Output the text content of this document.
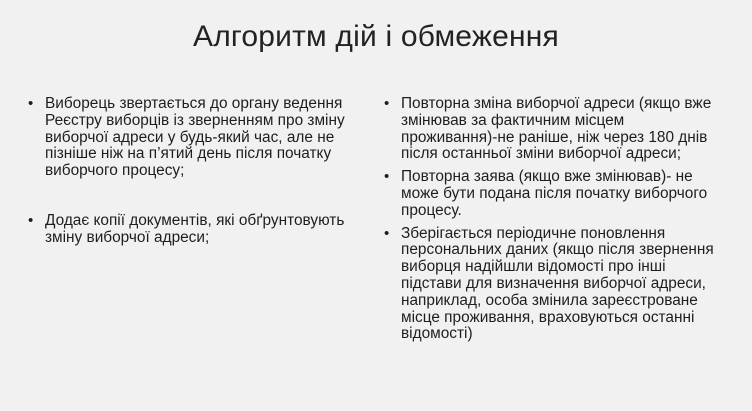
Алгоритм дій і обмеження
• Виборець звертається до органу ведення Реєстру виборців із зверненням про зміну виборчої адреси у будь-який час, але не пізніше ніж на п’ятий день після початку виборчого процесу;
• Додає копії документів, які обґрунтовують зміну виборчої адреси;
• Повторна зміна виборчої адреси (якщо вже змінював за фактичним місцем проживання)-не раніше, ніж через 180 днів після останньої зміни виборчої адреси;
• Повторна заява (якщо вже змінював)- не може бути подана після початку виборчого процесу.
• Зберігається періодичне поновлення персональних даних (якщо після звернення виборця надійшли відомості про інші підстави для визначення виборчої адреси, наприклад, особа змінила зареєстроване місце проживання, враховуються останні відомості)
